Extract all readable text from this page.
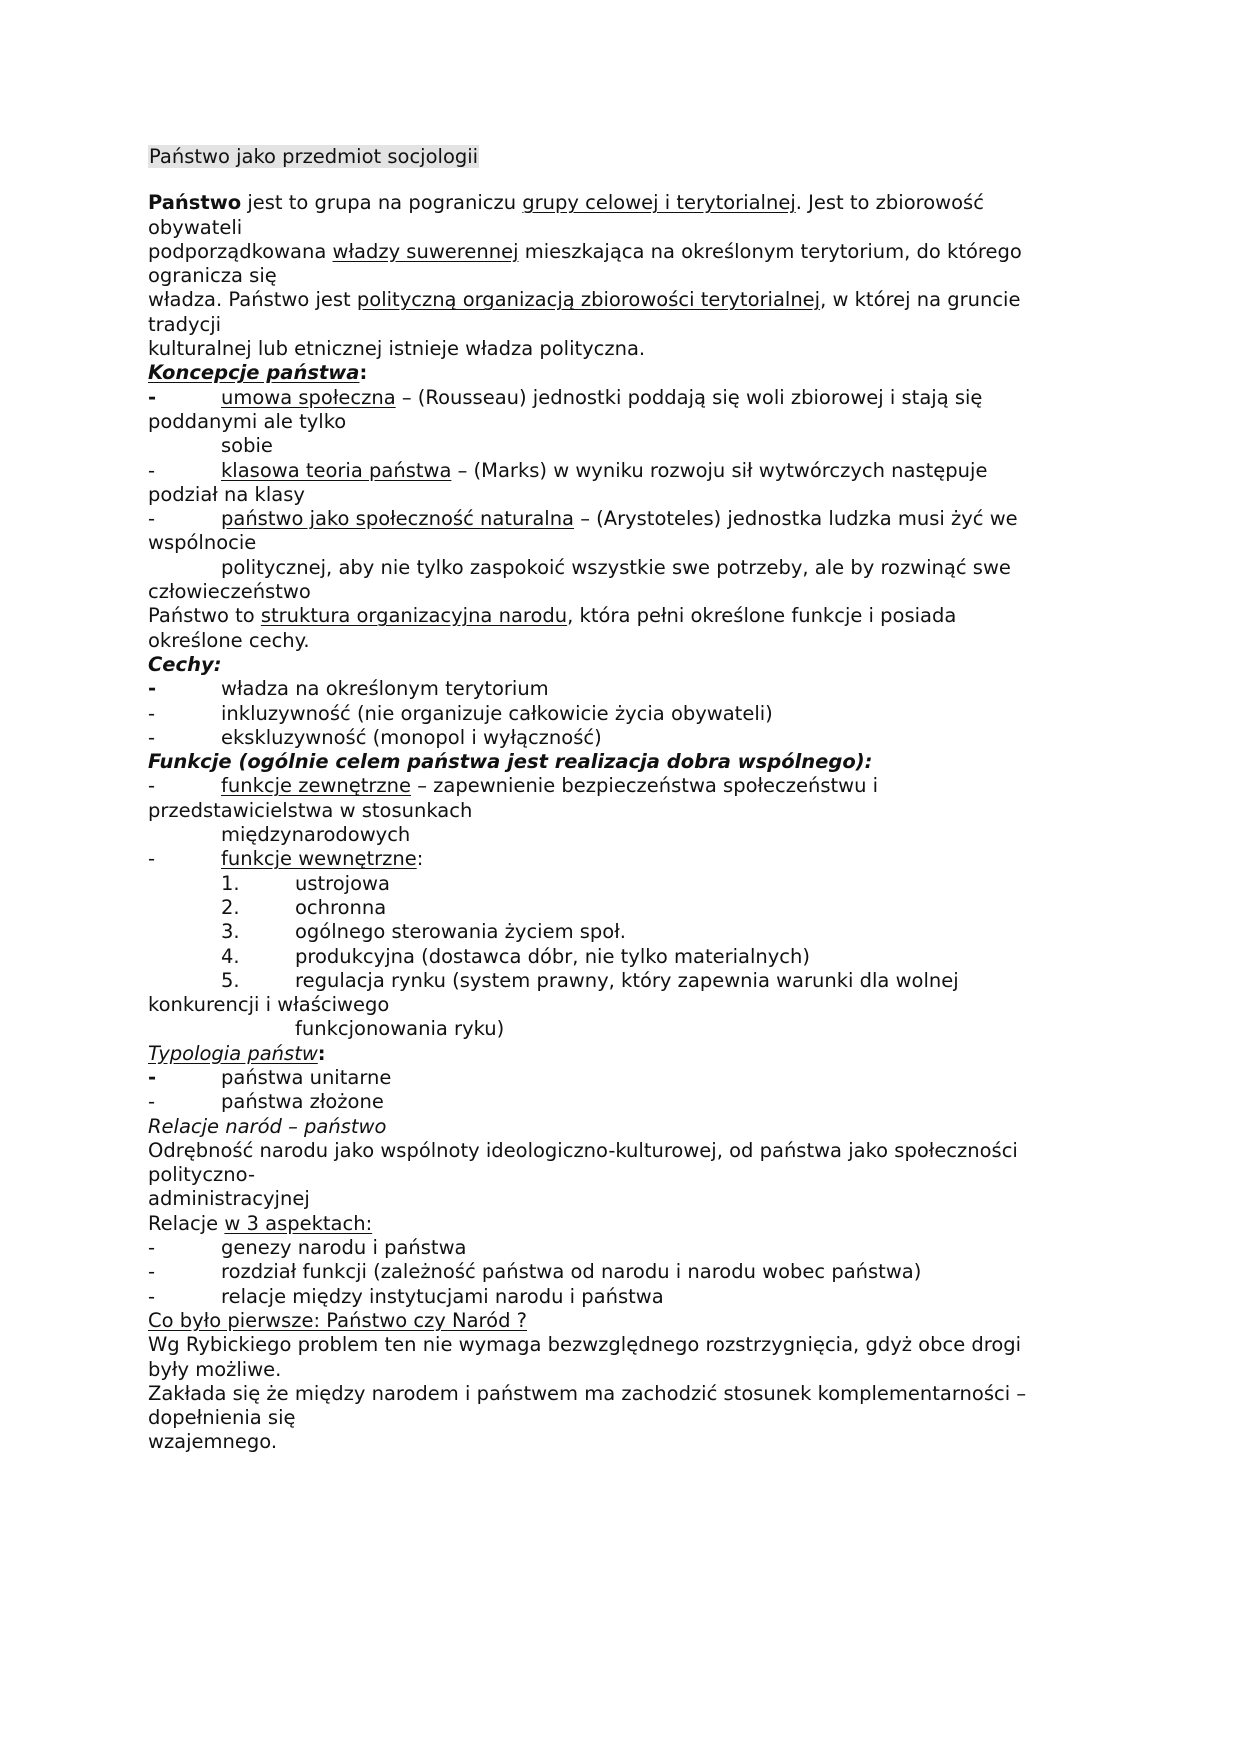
Państwo jako przedmiot socjologii
Państwo jest to grupa na pograniczu grupy celowej i terytorialnej. Jest to zbiorowość
obywateli
podporządkowana władzy suwerennej mieszkająca na określonym terytorium, do którego
ogranicza się
władza. Państwo jest polityczną organizacją zbiorowości terytorialnej, w której na gruncie
tradycji
kulturalnej lub etnicznej istnieje władza polityczna.
Koncepcje państwa:
-	umowa społeczna – (Rousseau) jednostki poddają się woli zbiorowej i stają się
poddanymi ale tylko
sobie
-	klasowa teoria państwa – (Marks) w wyniku rozwoju sił wytwórczych następuje
podział na klasy
-	państwo jako społeczność naturalna – (Arystoteles) jednostka ludzka musi żyć we
wspólnocie
politycznej, aby nie tylko zaspokoić wszystkie swe potrzeby, ale by rozwinąć swe
człowieczeństwo
Państwo to struktura organizacyjna narodu, która pełni określone funkcje i posiada
określone cechy.
Cechy:
-	władza na określonym terytorium
-	inkluzywność (nie organizuje całkowicie życia obywateli)
-	ekskluzywność (monopol i wyłączność)
Funkcje (ogólnie celem państwa jest realizacja dobra wspólnego):
-	funkcje zewnętrzne – zapewnienie bezpieczeństwa społeczeństwu i
przedstawicielstwa w stosunkach
międzynarodowych
-	funkcje wewnętrzne:
1.	ustrojowa
2.	ochronna
3.	ogólnego sterowania życiem społ.
4.	produkcyjna (dostawca dóbr, nie tylko materialnych)
5.	regulacja rynku (system prawny, który zapewnia warunki dla wolnej
konkurencji i właściwego
funkcjonowania ryku)
Typologia państw:
-	państwa unitarne
-	państwa złożone
Relacje naród – państwo
Odrębność narodu jako wspólnoty ideologiczno-kulturowej, od państwa jako społeczności
polityczno-
administracyjnej
Relacje w 3 aspektach:
-	genezy narodu i państwa
-	rozdział funkcji (zależność państwa od narodu i narodu wobec państwa)
-	relacje między instytucjami narodu i państwa
Co było pierwsze: Państwo czy Naród ?
Wg Rybickiego problem ten nie wymaga bezwzględnego rozstrzygnięcia, gdyż obce drogi
były możliwe.
Zakłada się że między narodem i państwem ma zachodzić stosunek komplementarności –
dopełnienia się
wzajemnego.
